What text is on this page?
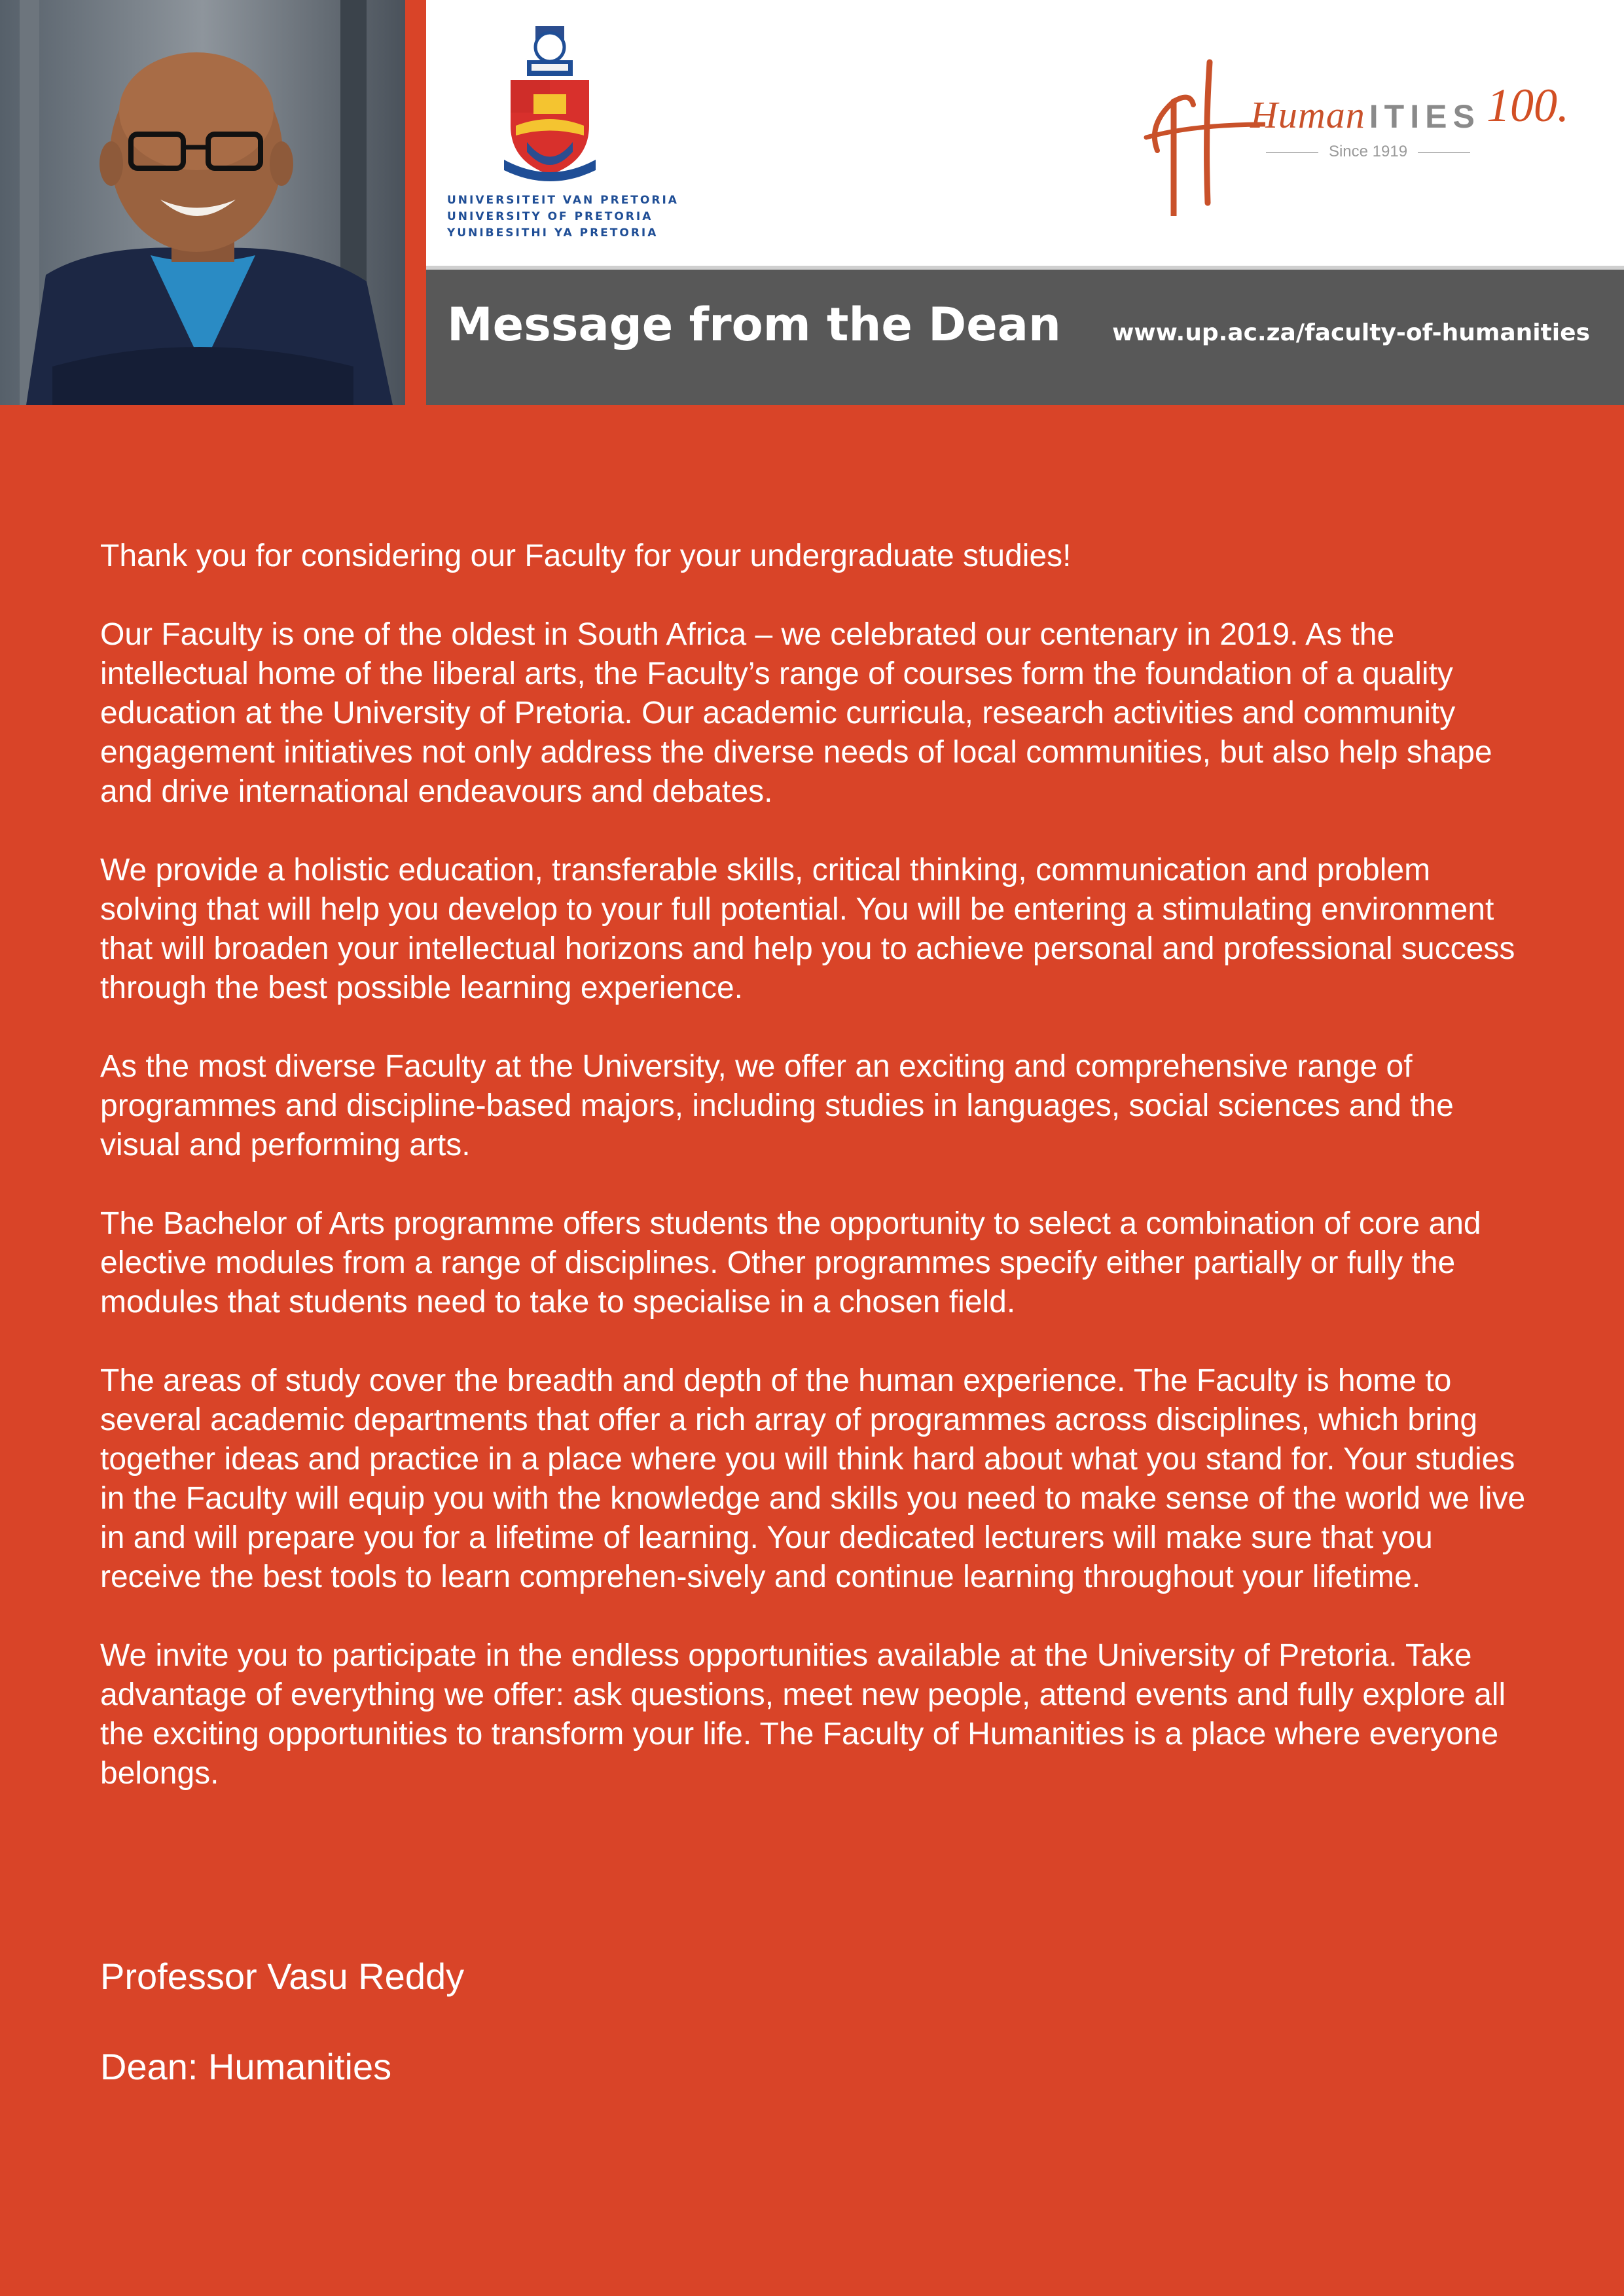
UNIVERSITEIT VAN PRETORIA
UNIVERSITY OF PRETORIA
YUNIBESITHI YA PRETORIA
Human ITIES 100.
Since 1919
Message from the Dean www.up.ac.za/faculty-of-humanities

Thank you for considering our Faculty for your undergraduate studies!

Our Faculty is one of the oldest in South Africa – we celebrated our centenary in 2019. As the intellectual home of the liberal arts, the Faculty’s range of courses form the foundation of a quality education at the University of Pretoria. Our academic curricula, research activities and community engagement initiatives not only address the diverse needs of local communities, but also help shape and drive international endeavours and debates.

We provide a holistic education, transferable skills, critical thinking, communication and problem solving that will help you develop to your full potential. You will be entering a stimulating environment that will broaden your intellectual horizons and help you to achieve personal and professional success through the best possible learning experience.

As the most diverse Faculty at the University, we offer an exciting and comprehensive range of programmes and discipline-based majors, including studies in languages, social sciences and the visual and performing arts.

The Bachelor of Arts programme offers students the opportunity to select a combination of core and elective modules from a range of disciplines. Other programmes specify either partially or fully the modules that students need to take to specialise in a chosen field.

The areas of study cover the breadth and depth of the human experience. The Faculty is home to several academic departments that offer a rich array of programmes across disciplines, which bring together ideas and practice in a place where you will think hard about what you stand for. Your studies in the Faculty will equip you with the knowledge and skills you need to make sense of the world we live in and will prepare you for a lifetime of learning. Your dedicated lecturers will make sure that you receive the best tools to learn comprehen-sively and continue learning throughout your lifetime.

We invite you to participate in the endless opportunities available at the University of Pretoria. Take advantage of everything we offer: ask questions, meet new people, attend events and fully explore all the exciting opportunities to transform your life. The Faculty of Humanities is a place where everyone belongs.

Professor Vasu Reddy
Dean: Humanities
